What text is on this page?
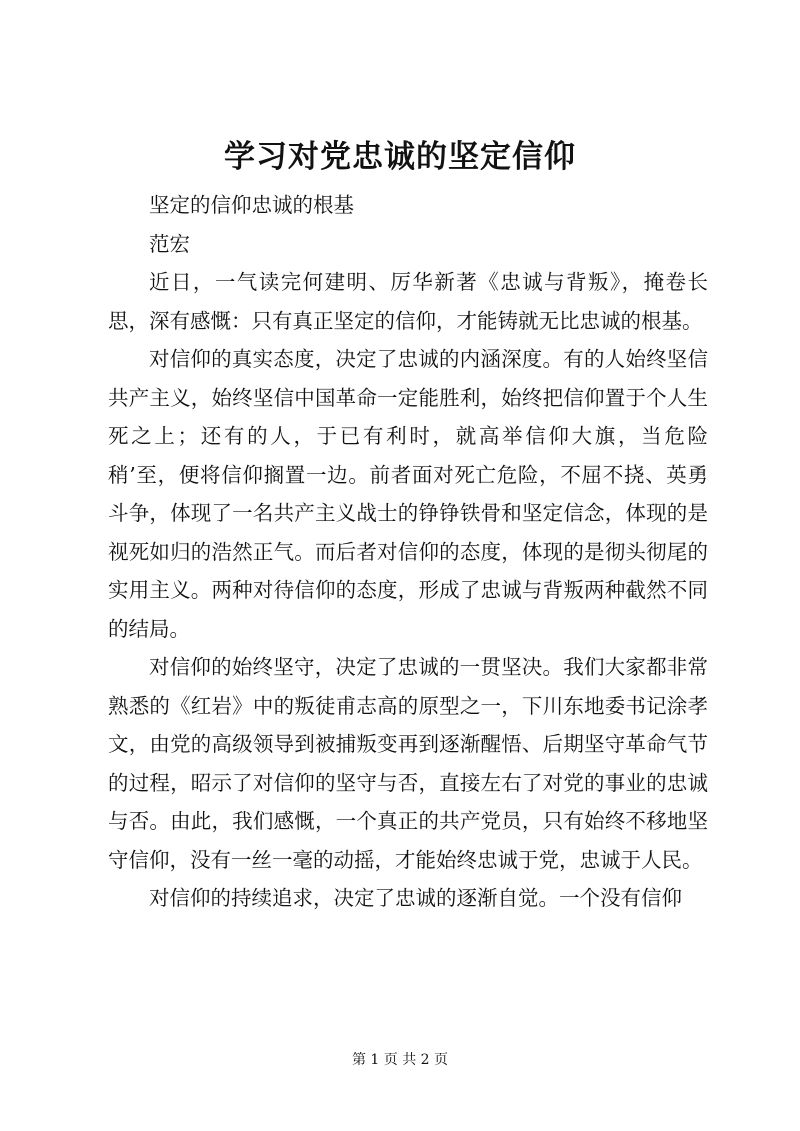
学习对党忠诚的坚定信仰

坚定的信仰忠诚的根基

范宏

近日，一气读完何建明、厉华新著《忠诚与背叛》，掩卷长思，深有感慨：只有真正坚定的信仰，才能铸就无比忠诚的根基。

对信仰的真实态度，决定了忠诚的内涵深度。有的人始终坚信共产主义，始终坚信中国革命一定能胜利，始终把信仰置于个人生死之上；还有的人，于已有利时，就高举信仰大旗，当危险稍’至，便将信仰搁置一边。前者面对死亡危险，不屈不挠、英勇斗争，体现了一名共产主义战士的铮铮铁骨和坚定信念，体现的是视死如归的浩然正气。而后者对信仰的态度，体现的是彻头彻尾的实用主义。两种对待信仰的态度，形成了忠诚与背叛两种截然不同的结局。

对信仰的始终坚守，决定了忠诚的一贯坚决。我们大家都非常熟悉的《红岩》中的叛徒甫志高的原型之一，下川东地委书记涂孝文，由党的高级领导到被捕叛变再到逐渐醒悟、后期坚守革命气节的过程，昭示了对信仰的坚守与否，直接左右了对党的事业的忠诚与否。由此，我们感慨，一个真正的共产党员，只有始终不移地坚守信仰，没有一丝一毫的动摇，才能始终忠诚于党，忠诚于人民。

对信仰的持续追求，决定了忠诚的逐渐自觉。一个没有信仰

第 1 页 共 2 页
